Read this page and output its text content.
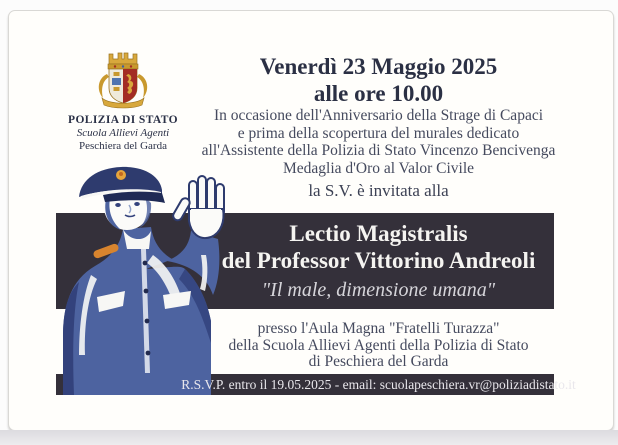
POLIZIA DI STATO
Scuola Allievi Agenti
Peschiera del Garda
Venerdì 23 Maggio 2025
alle ore 10.00
In occasione dell'Anniversario della Strage di Capaci
e prima della scopertura del murales dedicato
all'Assistente della Polizia di Stato Vincenzo Bencivenga
Medaglia d'Oro al Valor Civile
la S.V. è invitata alla
Lectio Magistralis
del Professor Vittorino Andreoli
"Il male, dimensione umana"
presso l'Aula Magna "Fratelli Turazza"
della Scuola Allievi Agenti della Polizia di Stato
di Peschiera del Garda
R.S.V.P. entro il 19.05.2025 - email: scuolapeschiera.vr@poliziadistato.it
